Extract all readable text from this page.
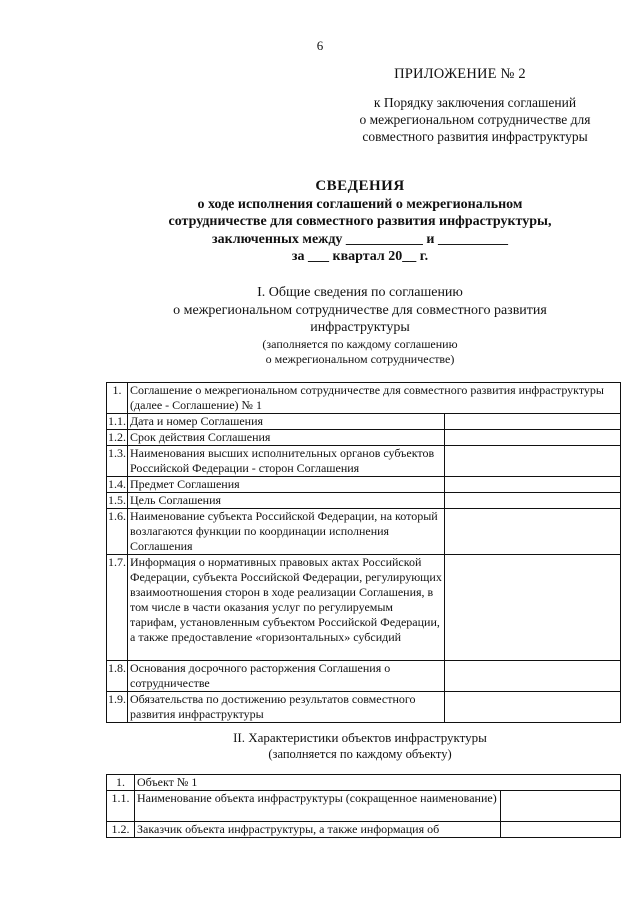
6
ПРИЛОЖЕНИЕ № 2
к Порядку заключения соглашений
о межрегиональном сотрудничестве для
совместного развития инфраструктуры
СВЕДЕНИЯ
о ходе исполнения соглашений о межрегиональном
сотрудничестве для совместного развития инфраструктуры,
заключенных между ___________ и __________
за ___ квартал 20__ г.
I. Общие сведения по соглашению
о межрегиональном сотрудничестве для совместного развития
инфраструктуры
(заполняется по каждому соглашению
о межрегиональном сотрудничестве)
1.	Соглашение о межрегиональном сотрудничестве для совместного развития инфраструктуры (далее - Соглашение) № 1	
1.1.	Дата и номер Соглашения	
1.2.	Срок действия Соглашения	
1.3.	Наименования высших исполнительных органов субъектов Российской Федерации - сторон Соглашения	
1.4.	Предмет Соглашения	
1.5.	Цель Соглашения	
1.6.	Наименование субъекта Российской Федерации, на который возлагаются функции по координации исполнения Соглашения	
1.7.	Информация о нормативных правовых актах Российской Федерации, субъекта Российской Федерации, регулирующих взаимоотношения сторон в ходе реализации Соглашения, в том числе в части оказания услуг по регулируемым тарифам, установленным субъектом Российской Федерации, а также предоставление «горизонтальных» субсидий	
1.8.	Основания досрочного расторжения Соглашения о сотрудничестве	
1.9.	Обязательства по достижению результатов совместного развития инфраструктуры	
II. Характеристики объектов инфраструктуры
(заполняется по каждому объекту)
1.	Объект № 1	
1.1.	Наименование объекта инфраструктуры (сокращенное наименование)	
1.2.	Заказчик объекта инфраструктуры, а также информация об	
